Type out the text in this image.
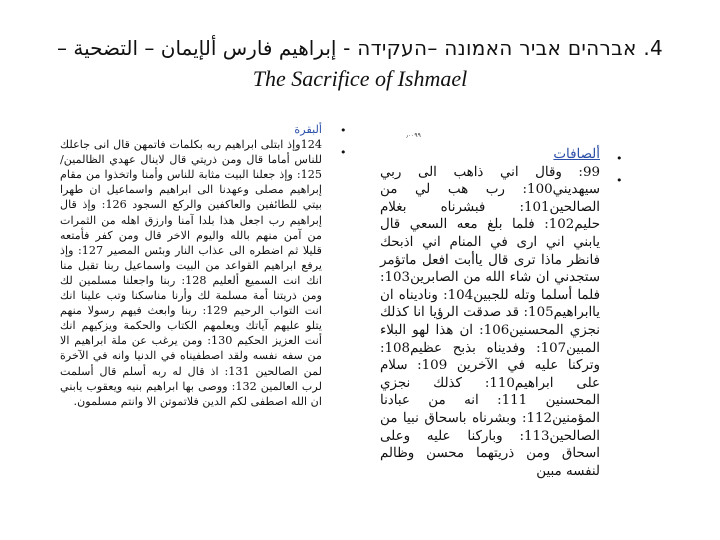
4. אברהים אביר האמונה –העקידה - إبراهيم فارس ألإيمان – التضحية –
The Sacrifice of Ishmael
•
•	•
•
٫٠٠٩٩
ألبقرة
124وإذ ابتلى ابراهيم ربه بكلمات فاتمهن قال انى جاعلك للناس أماما قال ومن ذريتي قال لاينال عهدي الظالمين/ 125: وإذ جعلنا البيت مثابة للناس وأمنا واتخذوا من مقام إبراهيم مصلى وعهدنا الى ابراهيم واسماعيل ان طهرا بيتي للطائفين والعاكفين والركع السجود 126: وإذ قال إبراهيم رب اجعل هذا بلدا آمنا وارزق اهله من الثمرات من آمن منهم بالله واليوم الاخر قال ومن كفر فأمتعه قليلا ثم اضطره الى عذاب النار وبئس المصير 127: وإذ يرفع ابراهيم القواعد من البيت واسماعيل ربنا تقبل منا انك انت السميع ألعليم 128: ربنا واجعلنا مسلمين لك ومن ذريتنا أمة مسلمة لك وأرنا مناسكنا وتب علينا انك انت التواب الرحيم 129: ربنا وابعث فيهم رسولا منهم يتلو عليهم آياتك ويعلمهم الكتاب والحكمة ويزكيهم انك أنت العزيز الحكيم 130: ومن يرغب عن ملة ابراهيم الا من سفه نفسه ولقد اصطفيناه في الدنيا وانه في الآخرة لمن الصالحين 131: اذ قال له ربه أسلم قال أسلمت لرب العالمين 132: ووصى بها ابراهيم بنيه ويعقوب يابني ان الله اصطفى لكم الدين فلاتموتن الا وانتم مسلمون.
ألصافات
99: وقال اني ذاهب الى ربي سيهديني100: رب هب لي من الصالحين101: فبشرناه بغلام حليم102: فلما بلغ معه السعي قال يابني اني ارى في المنام اني اذبحك فانظر ماذا ترى قال ياأبت افعل ماتؤمر ستجدني ان شاء الله من الصابرين103: فلما أسلما وتله للجبين104: وناديناه ان ياابراهيم105: قد صدقت الرؤيا انا كذلك نجزي المحسنين106: ان هذا لهو البلاء المبين107: وفديناه بذبح عظيم108: وتركنا عليه في الآخرين 109: سلام على ابراهيم110: كذلك نجزي المحسنين 111: انه من عبادنا المؤمنين112: وبشرناه باسحاق نبيا من الصالحين113: وباركنا عليه وعلى اسحاق ومن ذريتهما محسن وظالم لنفسه مبين
